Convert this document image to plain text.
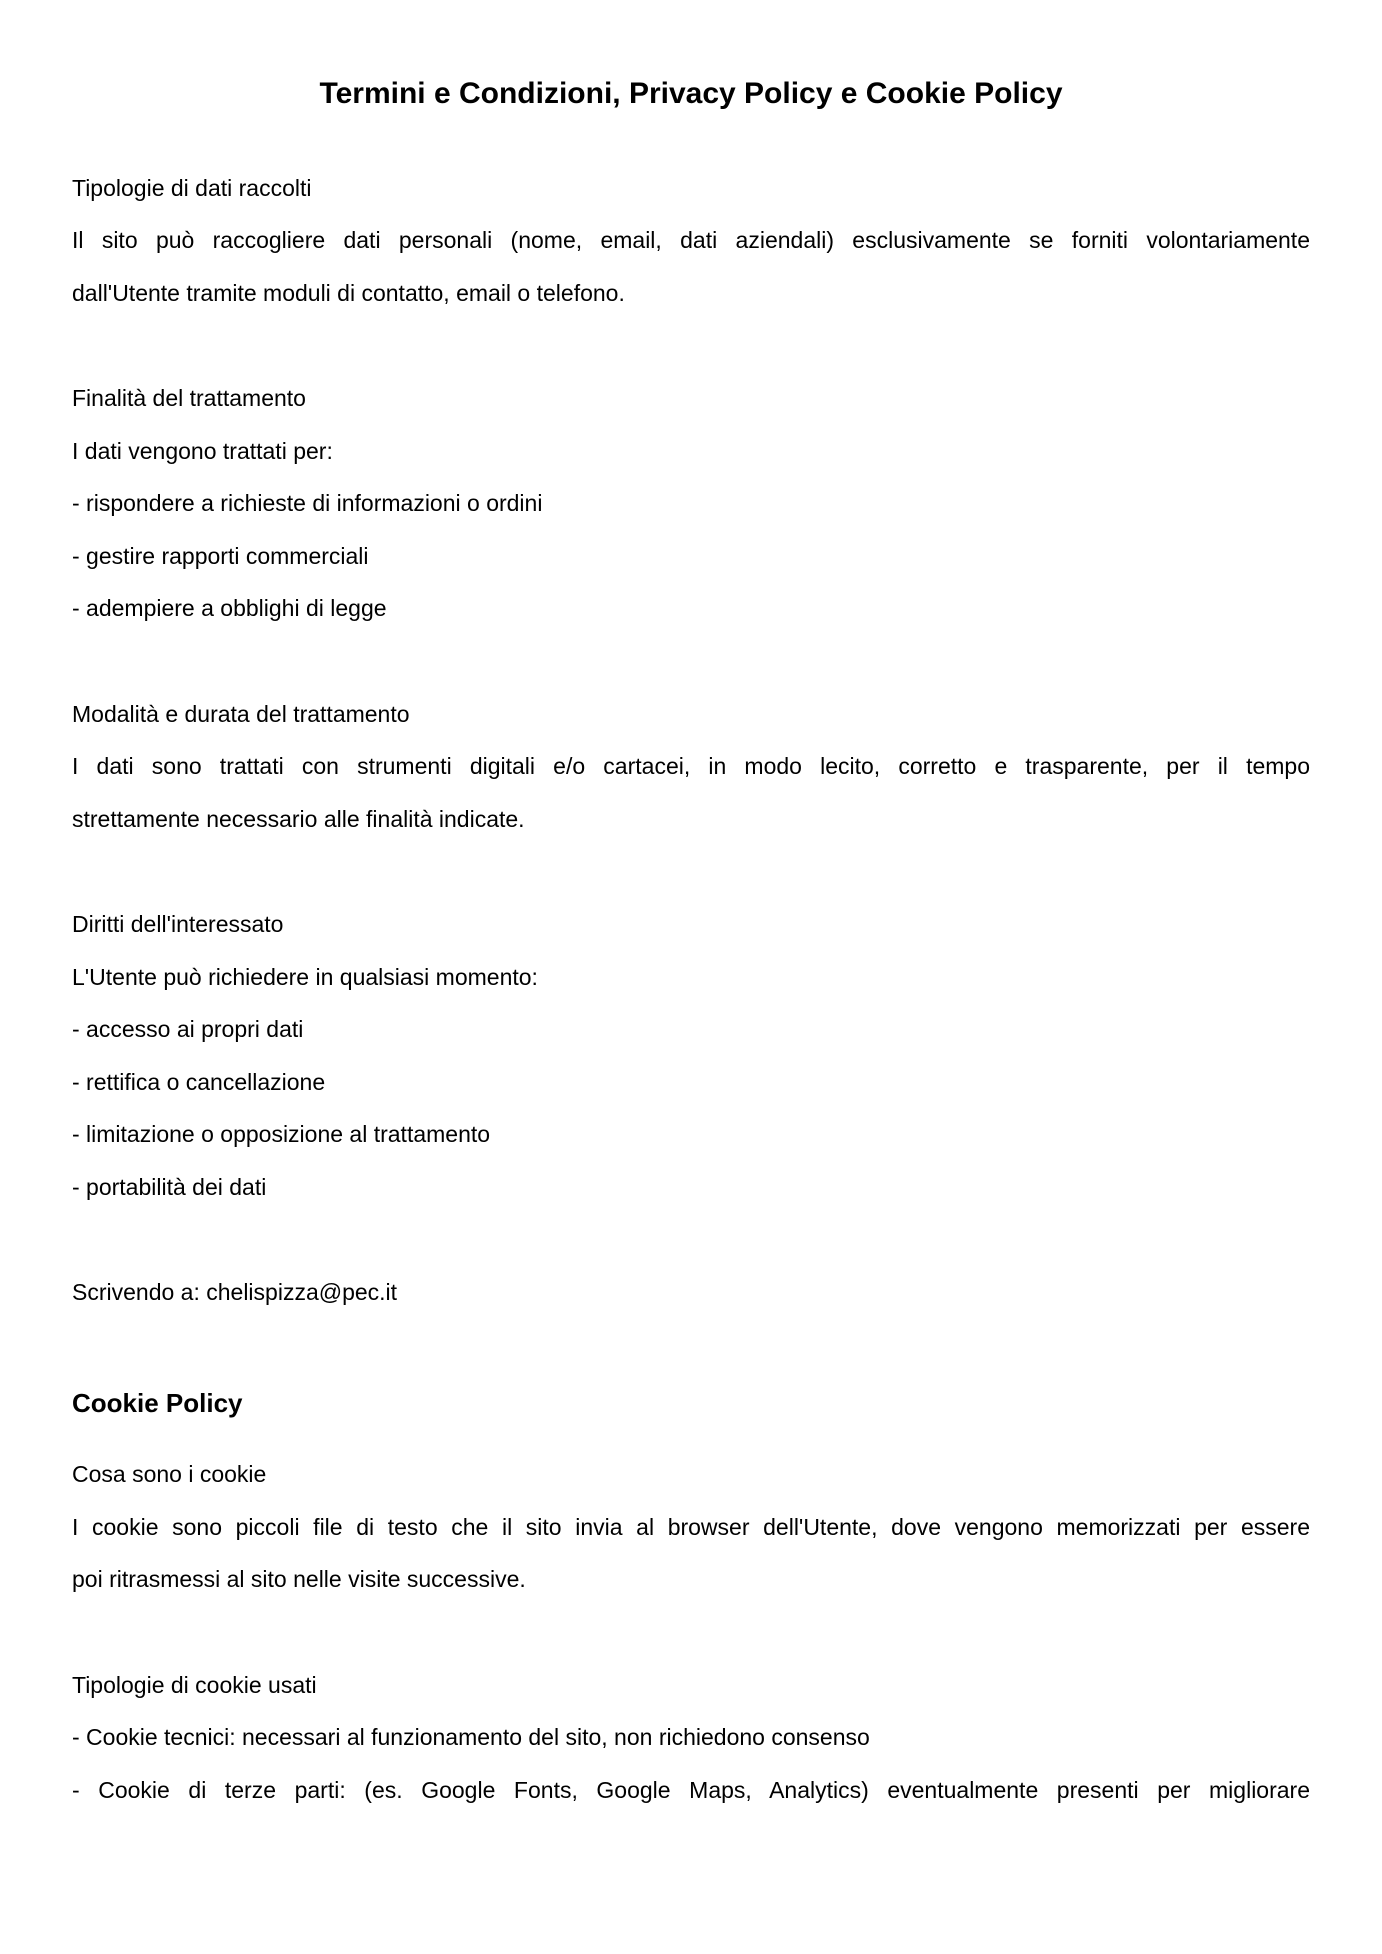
Termini e Condizioni, Privacy Policy e Cookie Policy

Tipologie di dati raccolti

Il sito può raccogliere dati personali (nome, email, dati aziendali) esclusivamente se forniti volontariamente

dall'Utente tramite moduli di contatto, email o telefono.

Finalità del trattamento

I dati vengono trattati per:

- rispondere a richieste di informazioni o ordini

- gestire rapporti commerciali

- adempiere a obblighi di legge

Modalità e durata del trattamento

I dati sono trattati con strumenti digitali e/o cartacei, in modo lecito, corretto e trasparente, per il tempo

strettamente necessario alle finalità indicate.

Diritti dell'interessato

L'Utente può richiedere in qualsiasi momento:

- accesso ai propri dati

- rettifica o cancellazione

- limitazione o opposizione al trattamento

- portabilità dei dati

Scrivendo a: chelispizza@pec.it

Cookie Policy

Cosa sono i cookie

I cookie sono piccoli file di testo che il sito invia al browser dell'Utente, dove vengono memorizzati per essere

poi ritrasmessi al sito nelle visite successive.

Tipologie di cookie usati

- Cookie tecnici: necessari al funzionamento del sito, non richiedono consenso

- Cookie di terze parti: (es. Google Fonts, Google Maps, Analytics) eventualmente presenti per migliorare
